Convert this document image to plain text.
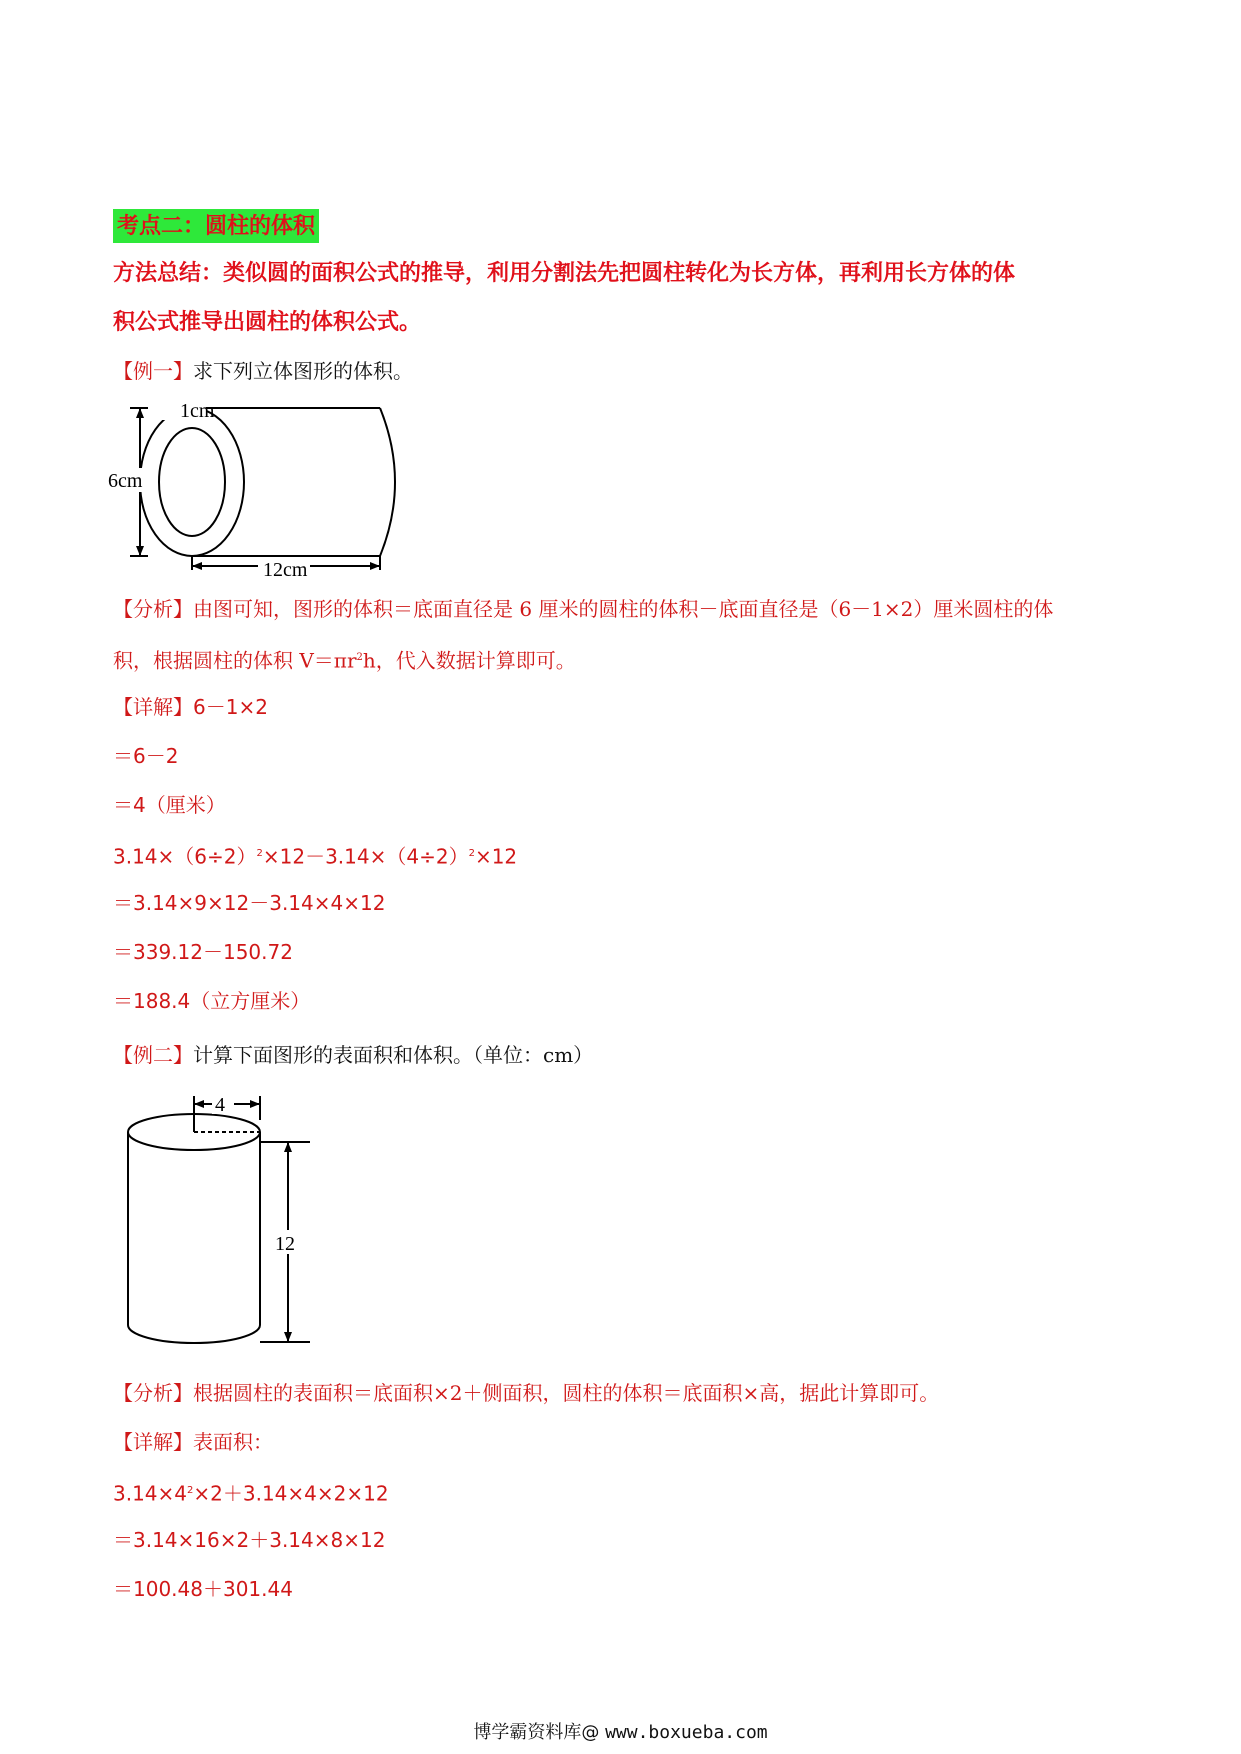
考点二：圆柱的体积
方法总结：类似圆的面积公式的推导，利用分割法先把圆柱转化为长方体，再利用长方体的体
积公式推导出圆柱的体积公式。
【例一】求下列立体图形的体积。
1cm
6cm
12cm
【分析】由图可知，图形的体积＝底面直径是 6 厘米的圆柱的体积－底面直径是（6－1×2）厘米圆柱的体
积，根据圆柱的体积 $V=\pi r^2h$，代入数据计算即可。
【详解】6－1×2
＝6－2
＝4（厘米）
$3.14\times(6\div 2)^2\times 12-3.14\times(4\div 2)^2\times 12$
＝3.14×9×12－3.14×4×12
＝339.12－150.72
＝188.4（立方厘米）
【例二】计算下面图形的表面积和体积。（单位：cm）
4
12
【分析】根据圆柱的表面积＝底面积×2＋侧面积，圆柱的体积＝底面积×高，据此计算即可。
【详解】表面积：
$3.14\times 4^2\times 2+3.14\times 4\times 2\times 12$
＝3.14×16×2＋3.14×8×12
＝100.48＋301.44
博学霸资料库@ www.boxueba.com
